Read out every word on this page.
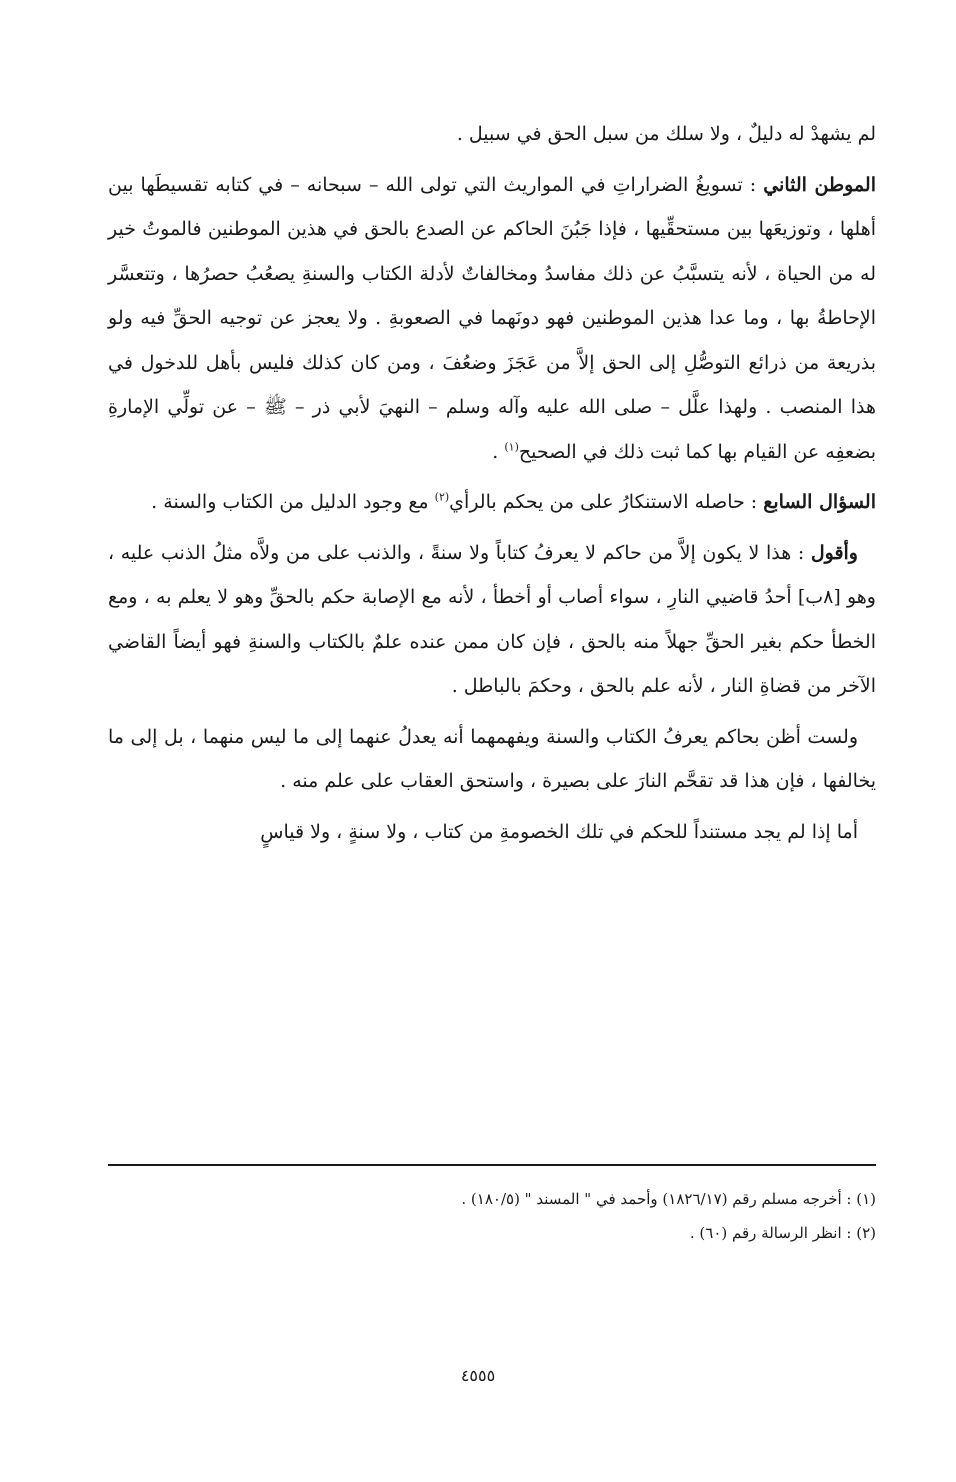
لم يشهدْ له دليلٌ ، ولا سلك من سبل الحق في سبيل .

الموطن الثاني : تسويغُ الضراراتِ في المواريث التي تولى الله – سبحانه – في كتابه تقسيطَها بين أهلها ، وتوزيعَها بين مستحقِّيها ، فإذا جَبُنَ الحاكم عن الصدع بالحق في هذين الموطنين فالموتُ خير له من الحياة ، لأنه يتسبَّبُ عن ذلك مفاسدُ ومخالفاتٌ لأدلة الكتاب والسنةِ يصعُبُ حصرُها ، وتتعسَّر الإحاطةُ بها ، وما عدا هذين الموطنين فهو دونَهما في الصعوبةِ . ولا يعجز عن توجيه الحقِّ فيه ولو بذريعة من ذرائع التوصُّلِ إلى الحق إلاَّ من عَجَزَ وضعُفَ ، ومن كان كذلك فليس بأهل للدخول في هذا المنصب . ولهذا علَّل – صلى الله عليه وآله وسلم – النهيَ لأبي ذر – ﷺ – عن تولِّي الإمارةِ بضعفِه عن القيام بها كما ثبت ذلك في الصحيح$^{(١)}$ .

السؤال السابع : حاصله الاستنكارُ على من يحكم بالرأي$^{(٢)}$ مع وجود الدليل من الكتاب والسنة .

وأقول : هذا لا يكون إلاَّ من حاكم لا يعرفُ كتاباً ولا سنةً ، والذنب على من ولاَّه مثلُ الذنب عليه ، وهو [٨ب] أحدُ قاضيي النارِ ، سواء أصاب أو أخطأ ، لأنه مع الإصابة حكم بالحقِّ وهو لا يعلم به ، ومع الخطأ حكم بغير الحقِّ جهلاً منه بالحق ، فإن كان ممن عنده علمٌ بالكتاب والسنةِ فهو أيضاً القاضي الآخر من قضاةِ النار ، لأنه علم بالحق ، وحكمَ بالباطل .

ولست أظن بحاكم يعرفُ الكتاب والسنة ويفهمهما أنه يعدلُ عنهما إلى ما ليس منهما ، بل إلى ما يخالفها ، فإن هذا قد تقحَّم النارَ على بصيرة ، واستحق العقاب على علم منه .

أما إذا لم يجد مستنداً للحكم في تلك الخصومةِ من كتاب ، ولا سنةٍ ، ولا قياسٍ

(١) : أخرجه مسلم رقم (١٨٢٦/١٧) وأحمد في " المسند " (١٨٠/٥) .

(٢) : انظر الرسالة رقم (٦٠) .

٤٥٥٥
